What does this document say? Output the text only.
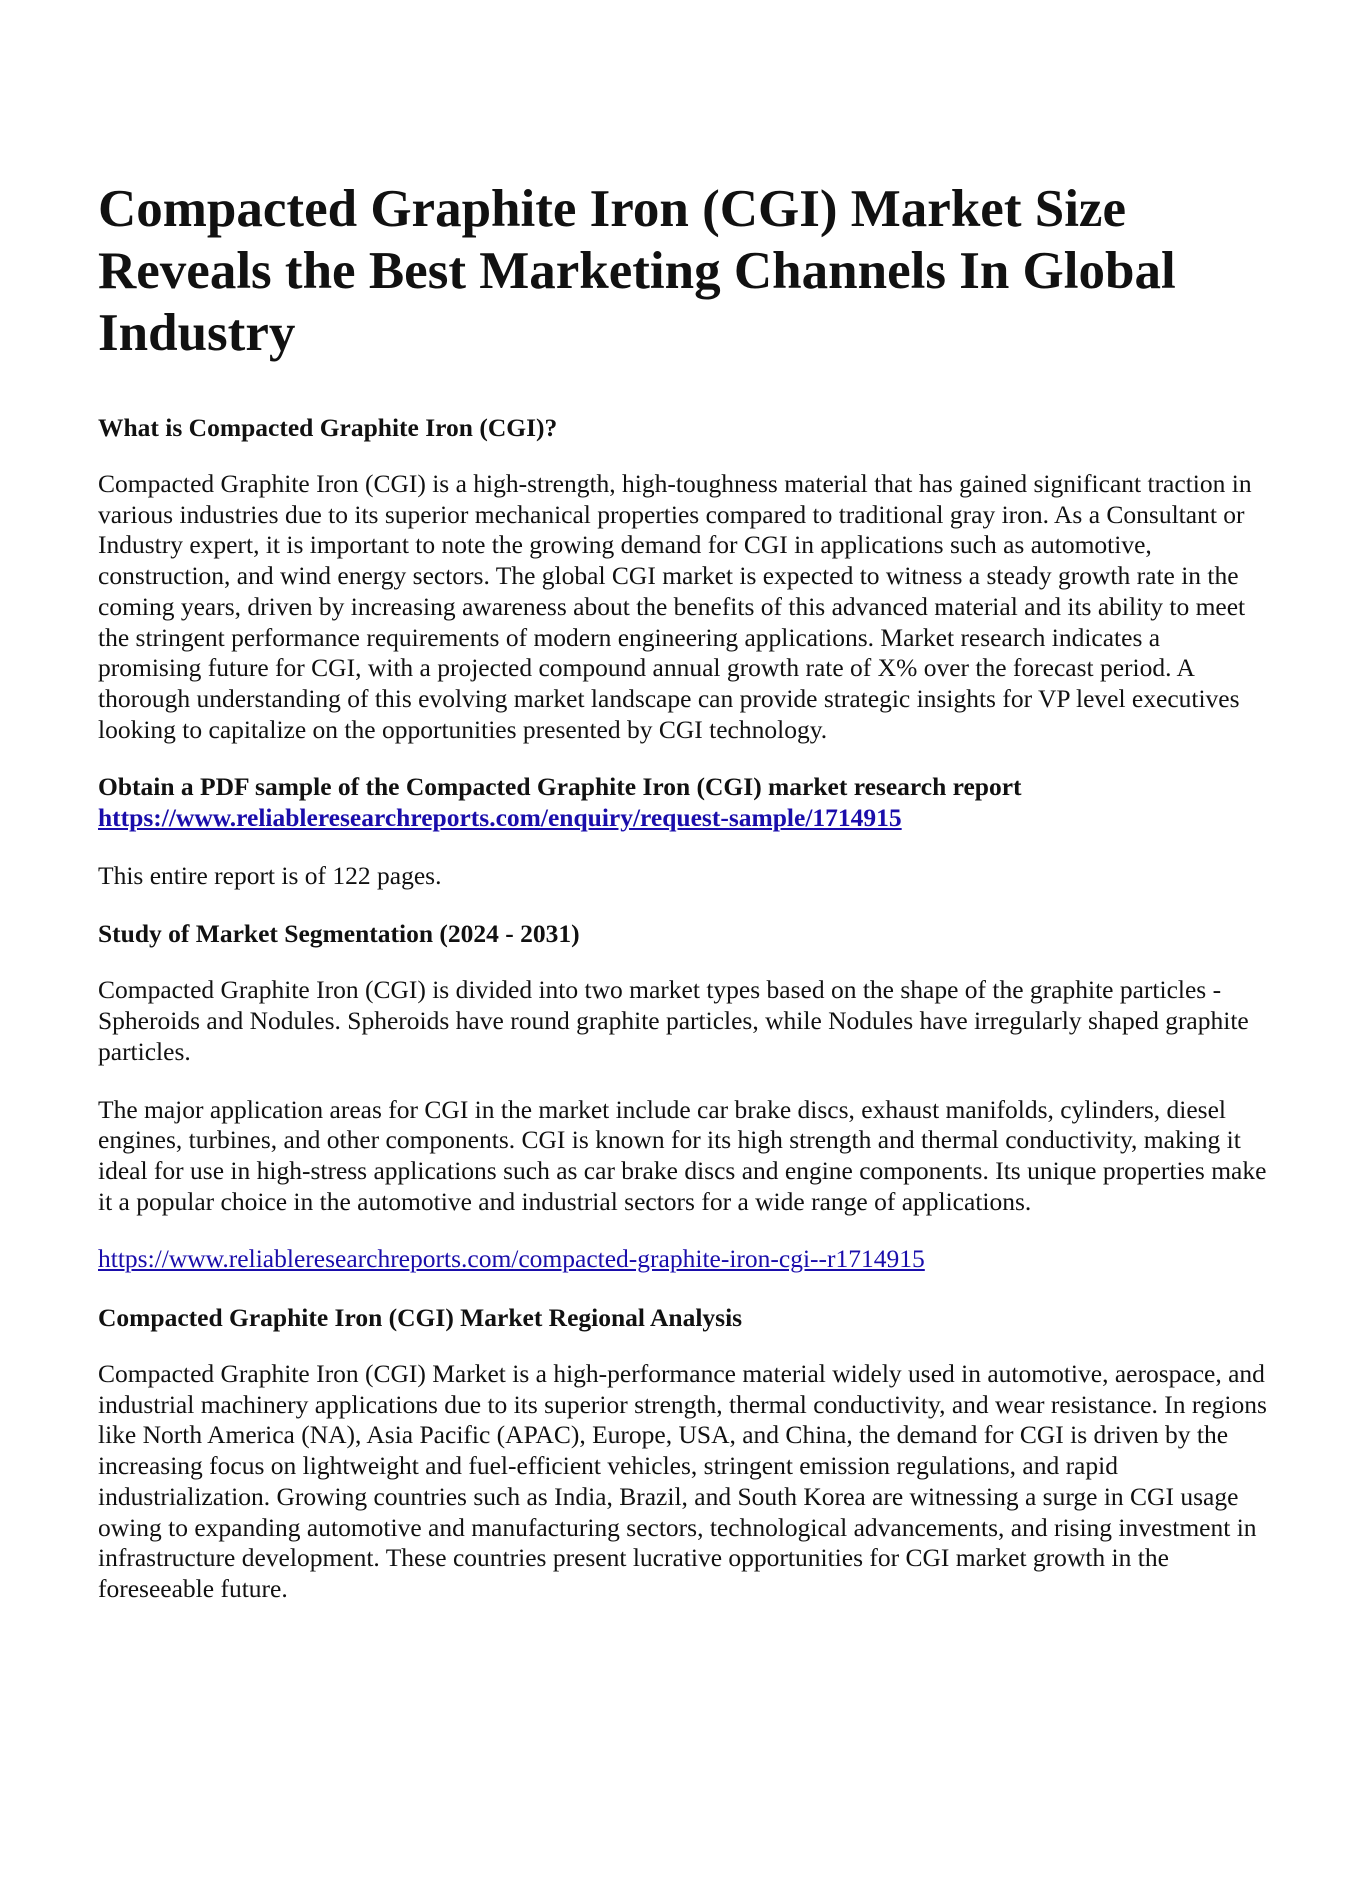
Compacted Graphite Iron (CGI) Market Size Reveals the Best Marketing Channels In Global Industry
What is Compacted Graphite Iron (CGI)?

Compacted Graphite Iron (CGI) is a high-strength, high-toughness material that has gained significant traction in various industries due to its superior mechanical properties compared to traditional gray iron. As a Consultant or Industry expert, it is important to note the growing demand for CGI in applications such as automotive, construction, and wind energy sectors. The global CGI market is expected to witness a steady growth rate in the coming years, driven by increasing awareness about the benefits of this advanced material and its ability to meet the stringent performance requirements of modern engineering applications. Market research indicates a promising future for CGI, with a projected compound annual growth rate of X% over the forecast period. A thorough understanding of this evolving market landscape can provide strategic insights for VP level executives looking to capitalize on the opportunities presented by CGI technology.

Obtain a PDF sample of the Compacted Graphite Iron (CGI) market research report https://www.reliableresearchreports.com/enquiry/request-sample/1714915

This entire report is of 122 pages.

Study of Market Segmentation (2024 - 2031)

Compacted Graphite Iron (CGI) is divided into two market types based on the shape of the graphite particles - Spheroids and Nodules. Spheroids have round graphite particles, while Nodules have irregularly shaped graphite particles.

The major application areas for CGI in the market include car brake discs, exhaust manifolds, cylinders, diesel engines, turbines, and other components. CGI is known for its high strength and thermal conductivity, making it ideal for use in high-stress applications such as car brake discs and engine components. Its unique properties make it a popular choice in the automotive and industrial sectors for a wide range of applications.

https://www.reliableresearchreports.com/compacted-graphite-iron-cgi--r1714915

Compacted Graphite Iron (CGI) Market Regional Analysis

Compacted Graphite Iron (CGI) Market is a high-performance material widely used in automotive, aerospace, and industrial machinery applications due to its superior strength, thermal conductivity, and wear resistance. In regions like North America (NA), Asia Pacific (APAC), Europe, USA, and China, the demand for CGI is driven by the increasing focus on lightweight and fuel-efficient vehicles, stringent emission regulations, and rapid industrialization. Growing countries such as India, Brazil, and South Korea are witnessing a surge in CGI usage owing to expanding automotive and manufacturing sectors, technological advancements, and rising investment in infrastructure development. These countries present lucrative opportunities for CGI market growth in the foreseeable future.
